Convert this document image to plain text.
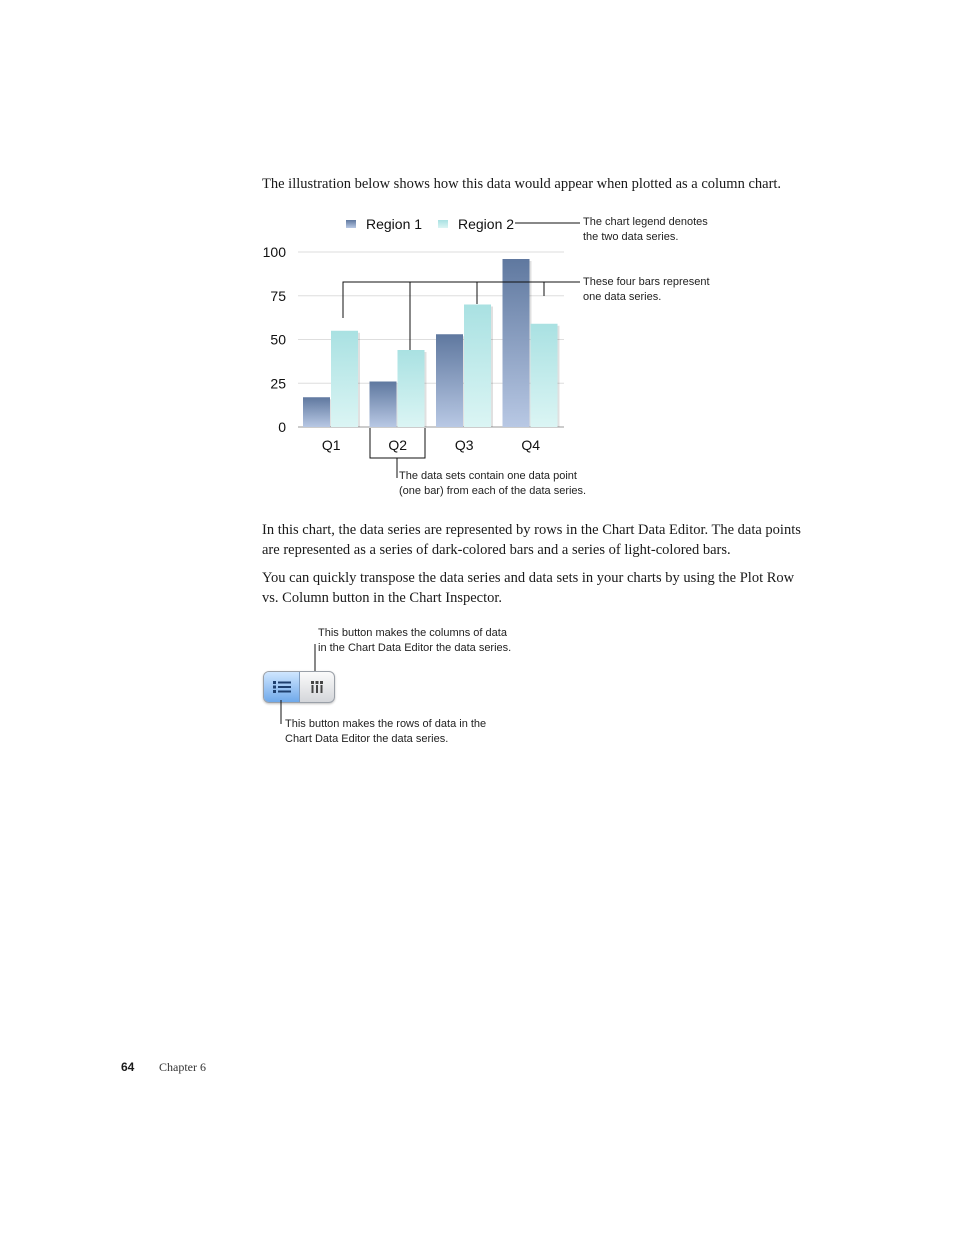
The illustration below shows how this data would appear when plotted as a column chart.

0
25
50
75
100
Q1	Q2	Q3	Q4
Region 1	Region 2	The chart legend denotes
the two data series.

These four bars represent
one data series.

The data sets contain one data point
(one bar) from each of the data series.

In this chart, the data series are represented by rows in the Chart Data Editor. The data points are represented as a series of dark-colored bars and a series of light-colored bars.

You can quickly transpose the data series and data sets in your charts by using the Plot Row vs. Column button in the Chart Inspector.

This button makes the columns of data
in the Chart Data Editor the data series.

This button makes the rows of data in the
Chart Data Editor the data series.

64 Chapter 6
